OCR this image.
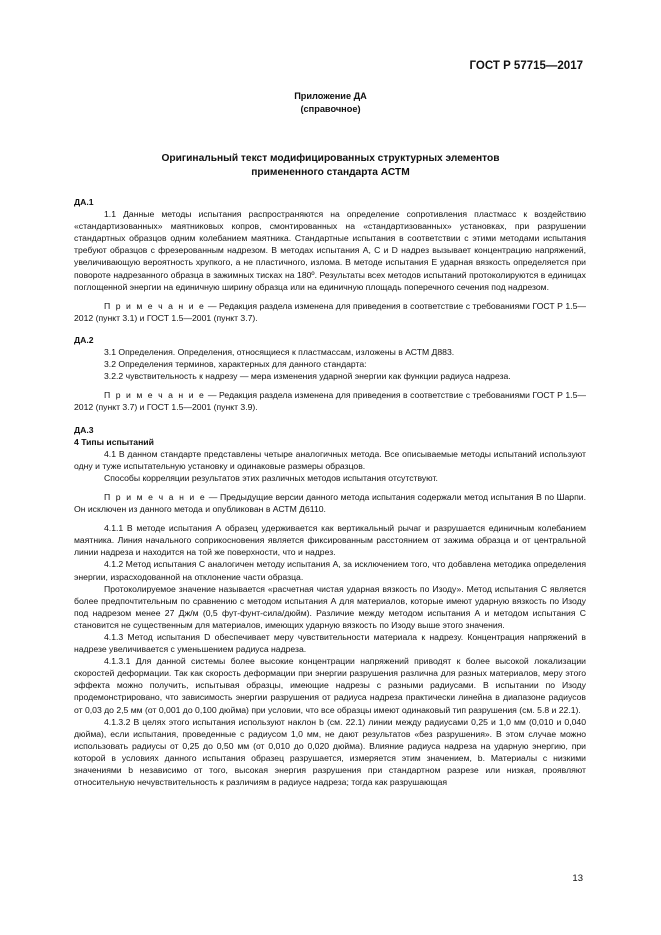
ГОСТ Р 57715—2017
Приложение ДА
(справочное)
Оригинальный текст модифицированных структурных элементов
примененного стандарта АСТМ

ДА.1

1.1 Данные методы испытания распространяются на определение сопротивления пластмасс к воздействию «стандартизованных» маятниковых копров, смонтированных на «стандартизованных» установках, при разрушении стандартных образцов одним колебанием маятника. Стандартные испытания в соответствии с этими методами испытания требуют образцов с фрезерованным надрезом. В методах испытания А, С и D надрез вызывает концентрацию напряжений, увеличивающую вероятность хрупкого, а не пластичного, излома. В методе испытания Е ударная вязкость определяется при повороте надрезанного образца в зажимных тисках на 180º. Результаты всех методов испытаний протоколируются в единицах поглощенной энергии на единичную ширину образца или на единичную площадь поперечного сечения под надрезом.

П р и м е ч а н и е — Редакция раздела изменена для приведения в соответствие с требованиями ГОСТ Р 1.5—2012 (пункт 3.1) и ГОСТ 1.5—2001 (пункт 3.7).

ДА.2

3.1 Определения. Определения, относящиеся к пластмассам, изложены в АСТМ Д883.

3.2 Определения терминов, характерных для данного стандарта:

3.2.2 чувствительность к надрезу — мера изменения ударной энергии как функции радиуса надреза.

П р и м е ч а н и е — Редакция раздела изменена для приведения в соответствие с требованиями ГОСТ Р 1.5—2012 (пункт 3.7) и ГОСТ 1.5—2001 (пункт 3.9).

ДА.3

4 Типы испытаний

4.1 В данном стандарте представлены четыре аналогичных метода. Все описываемые методы испытаний используют одну и туже испытательную установку и одинаковые размеры образцов.

Способы корреляции результатов этих различных методов испытания отсутствуют.

П р и м е ч а н и е — Предыдущие версии данного метода испытания содержали метод испытания В по Шарпи. Он исключен из данного метода и опубликован в АСТМ Д6110.

4.1.1 В методе испытания А образец удерживается как вертикальный рычаг и разрушается единичным колебанием маятника. Линия начального соприкосновения является фиксированным расстоянием от зажима образца и от центральной линии надреза и находится на той же поверхности, что и надрез.

4.1.2 Метод испытания С аналогичен методу испытания А, за исключением того, что добавлена методика определения энергии, израсходованной на отклонение части образца.

Протоколируемое значение называется «расчетная чистая ударная вязкость по Изоду». Метод испытания С является более предпочтительным по сравнению с методом испытания А для материалов, которые имеют ударную вязкость по Изоду под надрезом менее 27 Дж/м (0,5 фут-фунт-сила/дюйм). Различие между методом испытания А и методом испытания С становится не существенным для материалов, имеющих ударную вязкость по Изоду выше этого значения.

4.1.3 Метод испытания D обеспечивает меру чувствительности материала к надрезу. Концентрация напряжений в надрезе увеличивается с уменьшением радиуса надреза.

4.1.3.1 Для данной системы более высокие концентрации напряжений приводят к более высокой локализации скоростей деформации. Так как скорость деформации при энергии разрушения различна для разных материалов, меру этого эффекта можно получить, испытывая образцы, имеющие надрезы с разными радиусами. В испытании по Изоду продемонстрировано, что зависимость энергии разрушения от радиуса надреза практически линейна в диапазоне радиусов от 0,03 до 2,5 мм (от 0,001 до 0,100 дюйма) при условии, что все образцы имеют одинаковый тип разрушения (см. 5.8 и 22.1).

4.1.3.2 В целях этого испытания используют наклон b (см. 22.1) линии между радиусами 0,25 и 1,0 мм (0,010 и 0,040 дюйма), если испытания, проведенные с радиусом 1,0 мм, не дают результатов «без разрушения». В этом случае можно использовать радиусы от 0,25 до 0,50 мм (от 0,010 до 0,020 дюйма). Влияние радиуса надреза на ударную энергию, при которой в условиях данного испытания образец разрушается, измеряется этим значением, b. Материалы с низкими значениями b независимо от того, высокая энергия разрушения при стандартном разрезе или низкая, проявляют относительную нечувствительность к различиям в радиусе надреза; тогда как разрушающая

13
